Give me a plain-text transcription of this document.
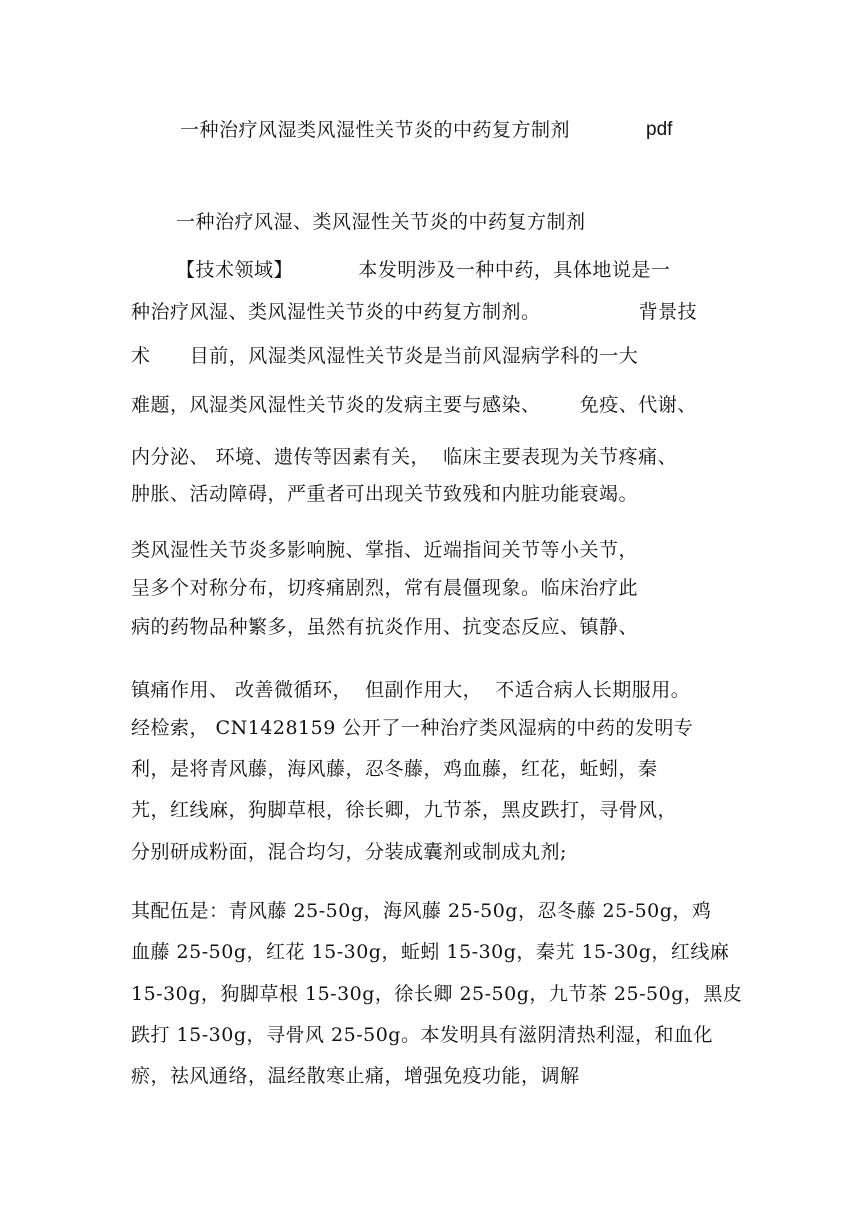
一种治疗风湿类风湿性关节炎的中药复方制剂	pdf
一种治疗风湿、类风湿性关节炎的中药复方制剂
【技术领域】          本发明涉及一种中药，具体地说是一
种治疗风湿、类风湿性关节炎的中药复方制剂。               背景技
术      目前，风湿类风湿性关节炎是当前风湿病学科的一大
难题，风湿类风湿性关节炎的发病主要与感染、      免疫、代谢、
内分泌、 环境、遗传等因素有关，  临床主要表现为关节疼痛、
肿胀、活动障碍，严重者可出现关节致残和内脏功能衰竭。
类风湿性关节炎多影响腕、掌指、近端指间关节等小关节，
呈多个对称分布，切疼痛剧烈，常有晨僵现象。临床治疗此
病的药物品种繁多，虽然有抗炎作用、抗变态反应、镇静、
镇痛作用、 改善微循环，  但副作用大，  不适合病人长期服用。
经检索， CN1428159 公开了一种治疗类风湿病的中药的发明专
利，是将青风藤，海风藤，忍冬藤，鸡血藤，红花，蚯蚓，秦
艽，红线麻，狗脚草根，徐长卿，九节茶，黑皮跌打，寻骨风，
分别研成粉面，混合均匀，分装成囊剂或制成丸剂;
其配伍是：青风藤 25-50g，海风藤 25-50g，忍冬藤 25-50g，鸡
血藤 25-50g，红花 15-30g，蚯蚓 15-30g，秦艽 15-30g，红线麻
15-30g，狗脚草根 15-30g，徐长卿 25-50g，九节茶 25-50g，黑皮
跌打 15-30g，寻骨风 25-50g。本发明具有滋阴清热利湿，和血化
瘀，祛风通络，温经散寒止痛，增强免疫功能，调解
